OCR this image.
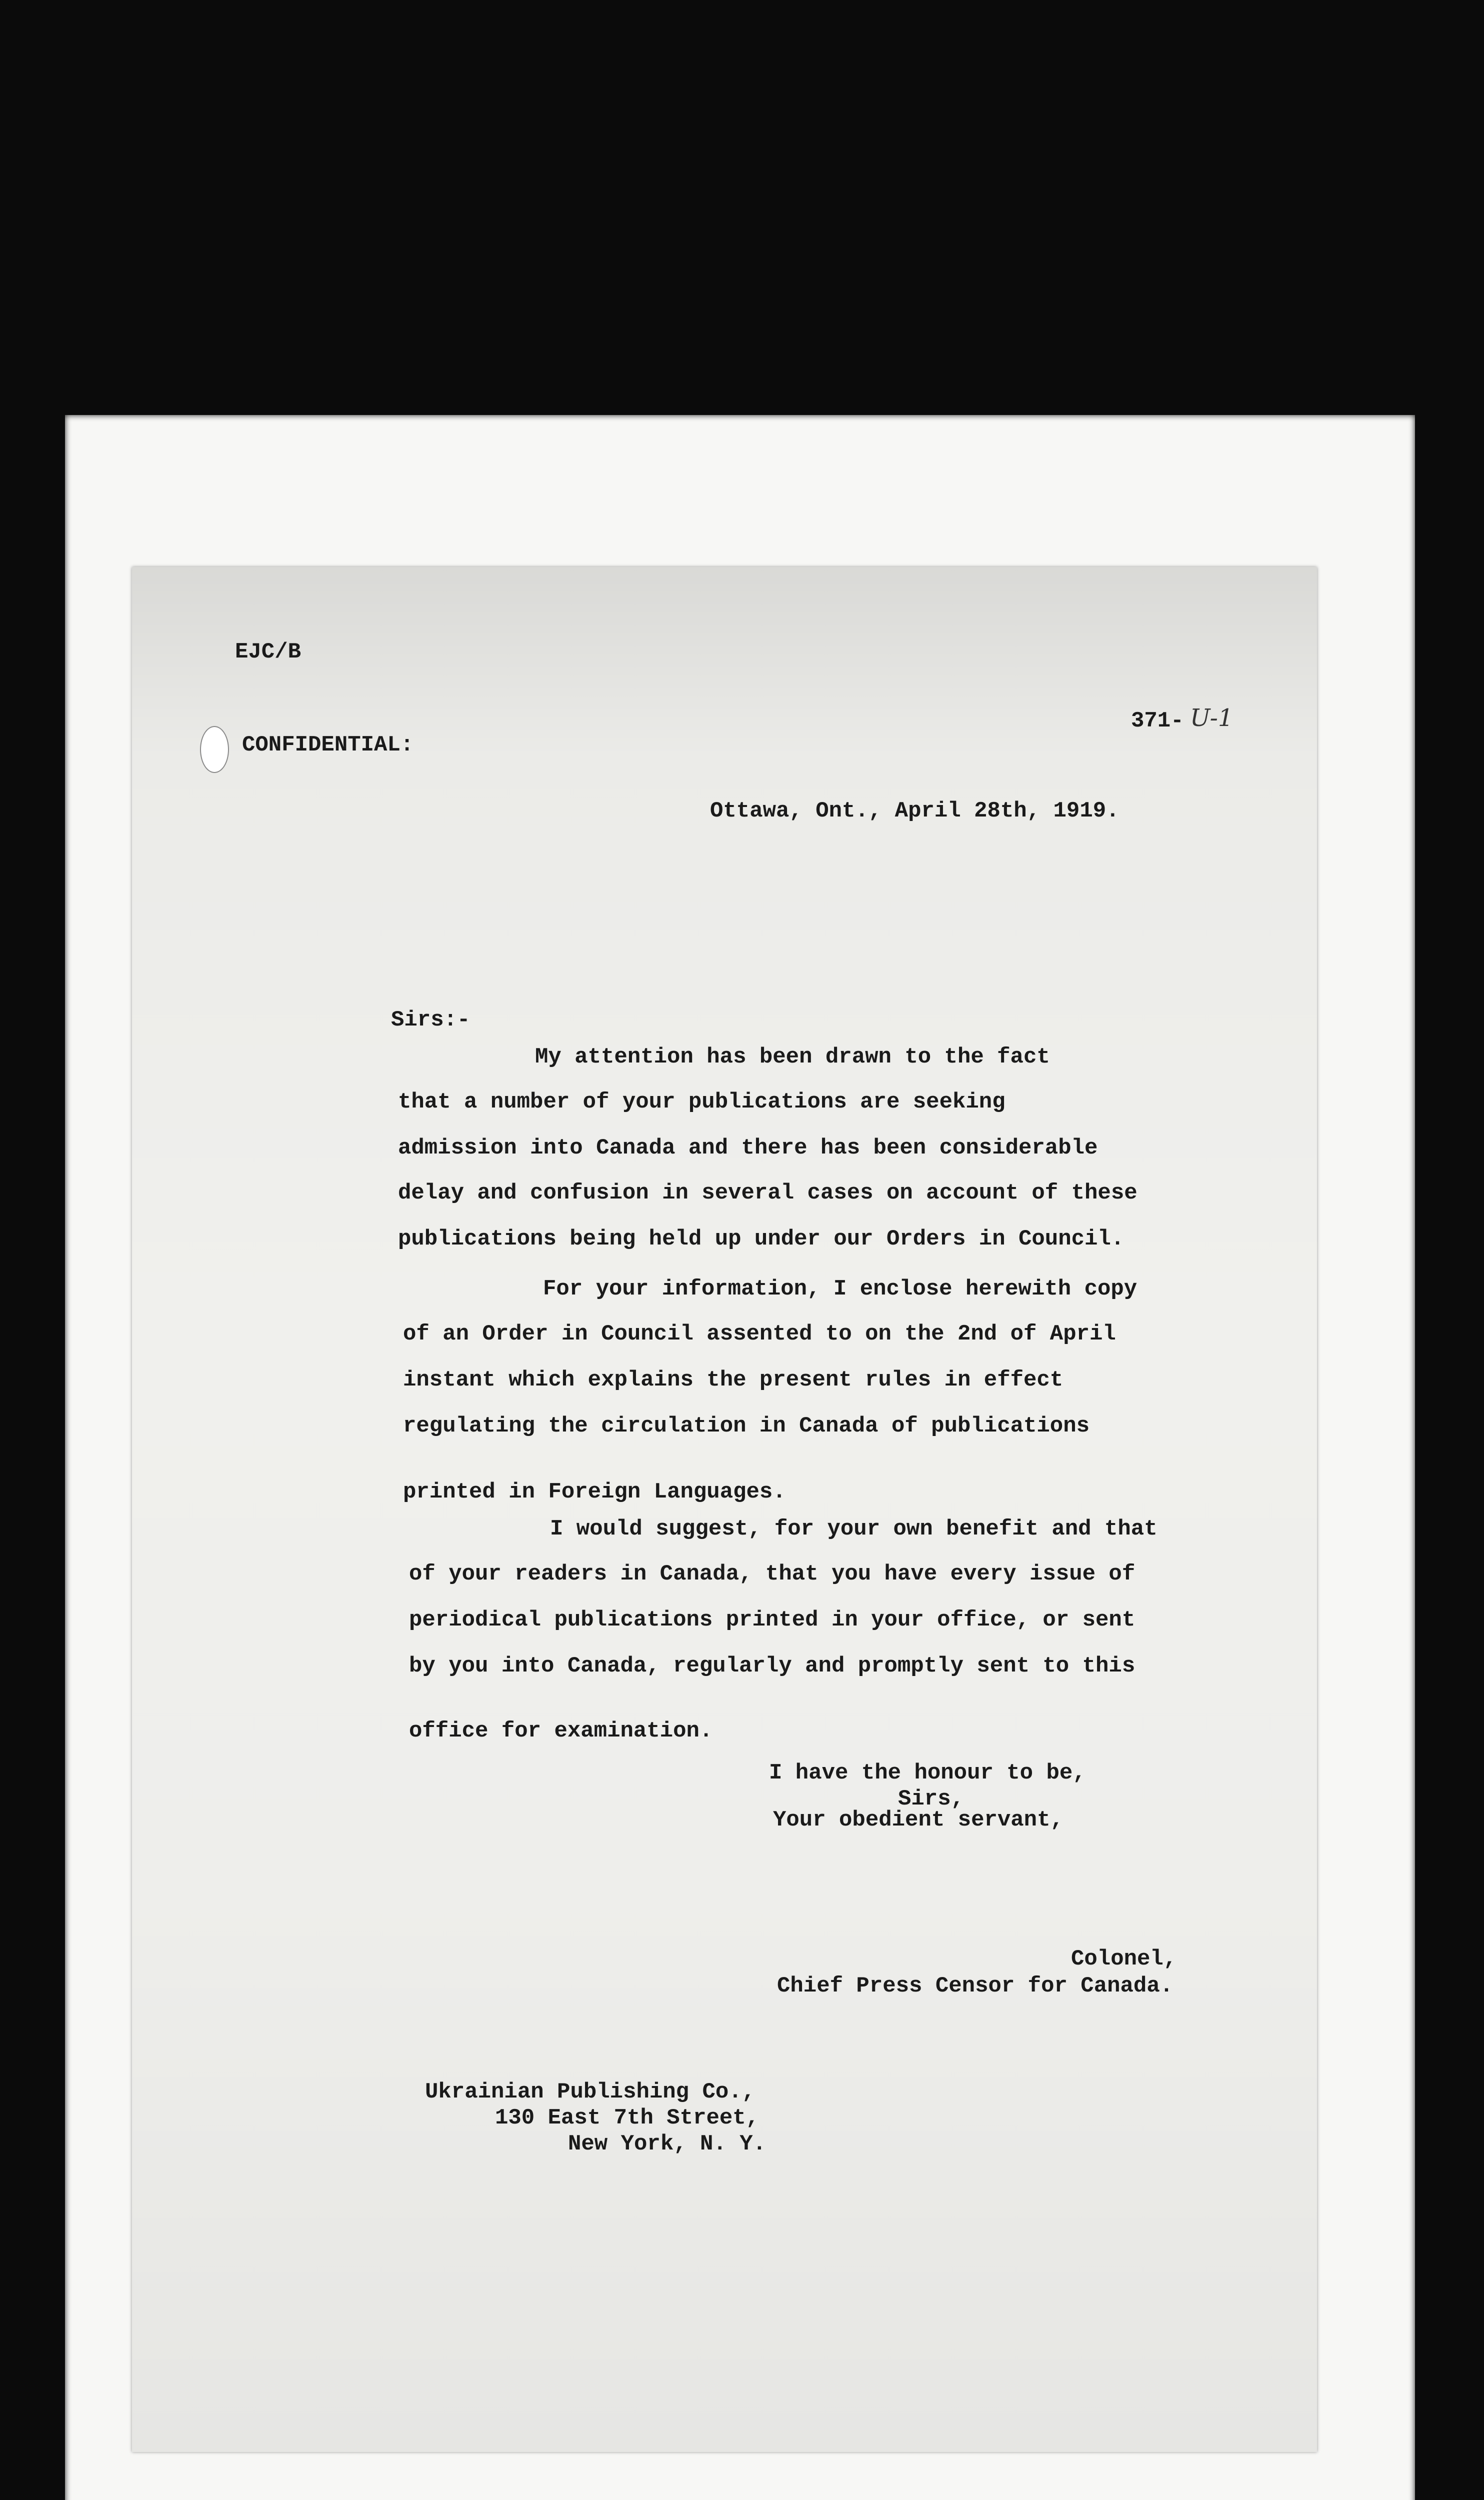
EJC/B
CONFIDENTIAL:
371- U-1
Ottawa, Ont., April 28th, 1919.
Sirs:-
My attention has been drawn to the fact
that a number of your publications are seeking
admission into Canada and there has been considerable
delay and confusion in several cases on account of these
publications being held up under our Orders in Council.
For your information, I enclose herewith copy
of an Order in Council assented to on the 2nd of April
instant which explains the present rules in effect
regulating the circulation in Canada of publications
printed in Foreign Languages.
I would suggest, for your own benefit and that
of your readers in Canada, that you have every issue of
periodical publications printed in your office, or sent
by you into Canada, regularly and promptly sent to this
office for examination.
I have the honour to be,
Sirs,
Your obedient servant,
Colonel,
Chief Press Censor for Canada.
Ukrainian Publishing Co.,
130 East 7th Street,
New York, N. Y.
